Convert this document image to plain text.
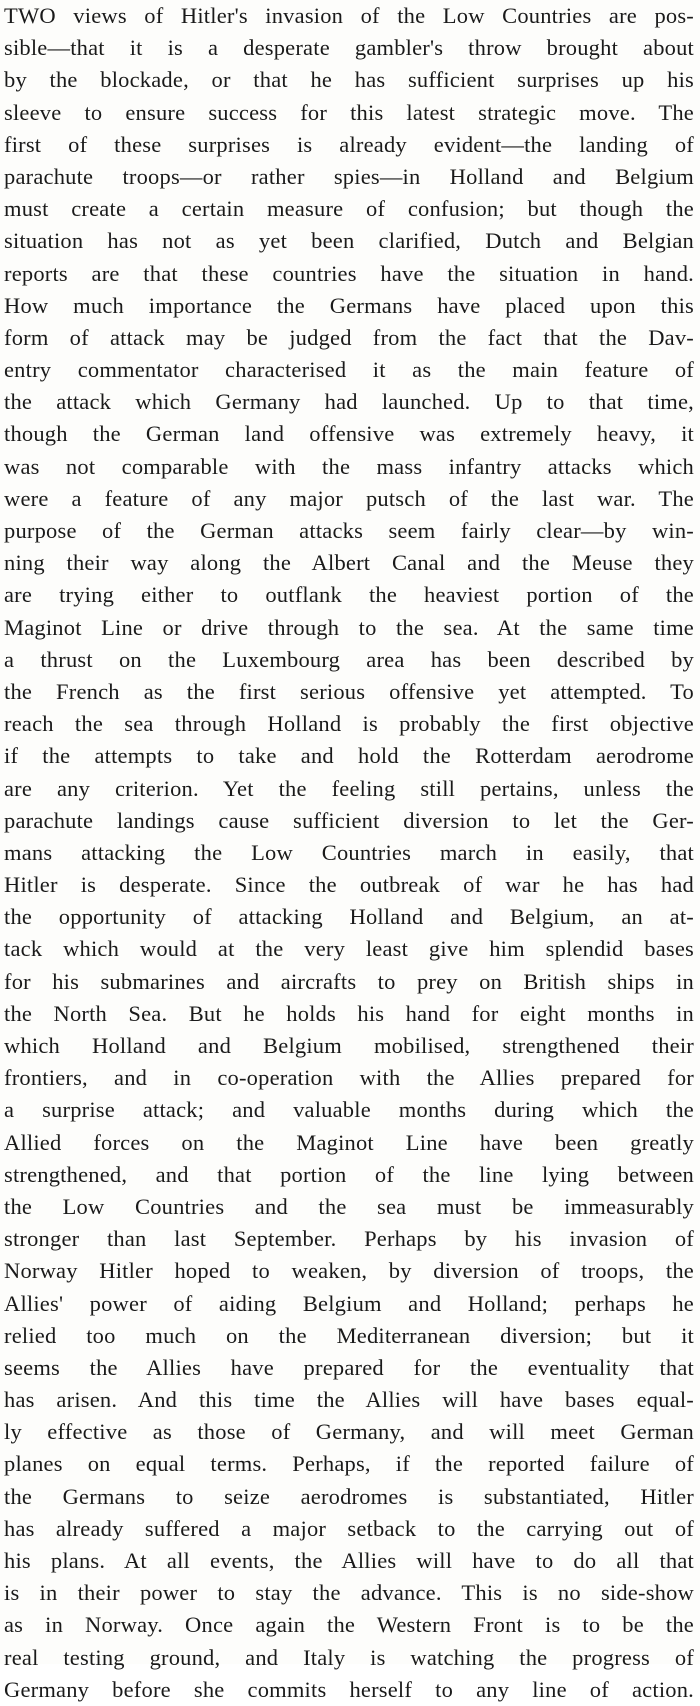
TWO views of Hitler's invasion of the Low Countries are pos-
sible—that it is a desperate gambler's throw brought about
by the blockade, or that he has sufficient surprises up his
sleeve to ensure success for this latest strategic move. The
first of these surprises is already evident—the landing of
parachute troops—or rather spies—in Holland and Belgium
must create a certain measure of confusion; but though the
situation has not as yet been clarified, Dutch and Belgian
reports are that these countries have the situation in hand.
How much importance the Germans have placed upon this
form of attack may be judged from the fact that the Dav-
entry commentator characterised it as the main feature of
the attack which Germany had launched. Up to that time,
though the German land offensive was extremely heavy, it
was not comparable with the mass infantry attacks which
were a feature of any major putsch of the last war. The
purpose of the German attacks seem fairly clear—by win-
ning their way along the Albert Canal and the Meuse they
are trying either to outflank the heaviest portion of the
Maginot Line or drive through to the sea. At the same time
a thrust on the Luxembourg area has been described by
the French as the first serious offensive yet attempted. To
reach the sea through Holland is probably the first objective
if the attempts to take and hold the Rotterdam aerodrome
are any criterion. Yet the feeling still pertains, unless the
parachute landings cause sufficient diversion to let the Ger-
mans attacking the Low Countries march in easily, that
Hitler is desperate. Since the outbreak of war he has had
the opportunity of attacking Holland and Belgium, an at-
tack which would at the very least give him splendid bases
for his submarines and aircrafts to prey on British ships in
the North Sea. But he holds his hand for eight months in
which Holland and Belgium mobilised, strengthened their
frontiers, and in co-operation with the Allies prepared for
a surprise attack; and valuable months during which the
Allied forces on the Maginot Line have been greatly
strengthened, and that portion of the line lying between
the Low Countries and the sea must be immeasurably
stronger than last September. Perhaps by his invasion of
Norway Hitler hoped to weaken, by diversion of troops, the
Allies' power of aiding Belgium and Holland; perhaps he
relied too much on the Mediterranean diversion; but it
seems the Allies have prepared for the eventuality that
has arisen. And this time the Allies will have bases equal-
ly effective as those of Germany, and will meet German
planes on equal terms. Perhaps, if the reported failure of
the Germans to seize aerodromes is substantiated, Hitler
has already suffered a major setback to the carrying out of
his plans. At all events, the Allies will have to do all that
is in their power to stay the advance. This is no side-show
as in Norway. Once again the Western Front is to be the
real testing ground, and Italy is watching the progress of
Germany before she commits herself to any line of action.
